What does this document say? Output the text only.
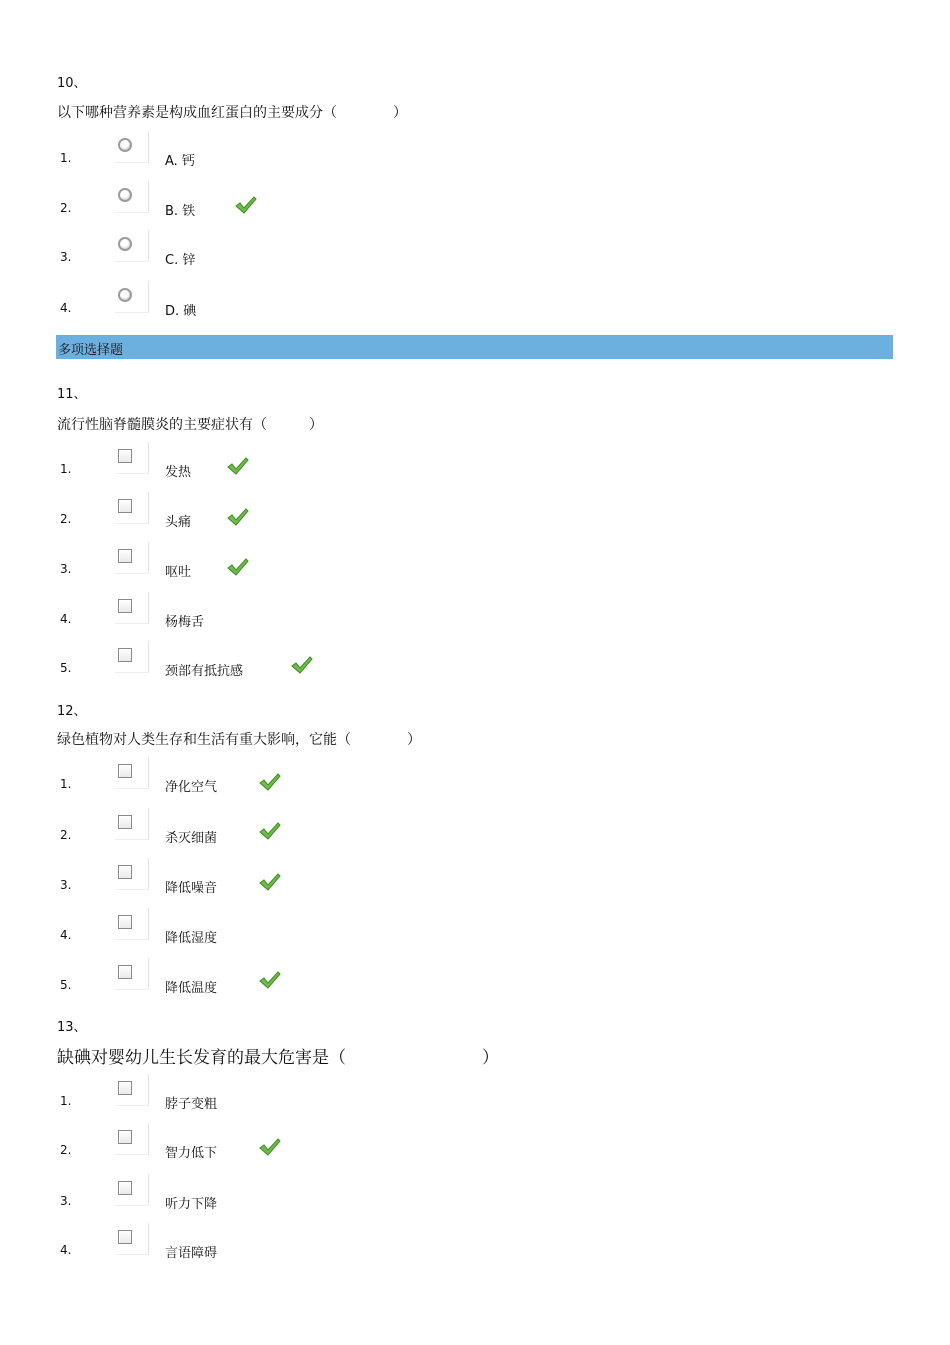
10、
以下哪种营养素是构成血红蛋白的主要成分（　　　　）
1.	A. 钙
2.	B. 铁
3.	C. 锌
4.	D. 碘
多项选择题
11、
流行性脑脊髓膜炎的主要症状有（　　　）
1.	发热
2.	头痛
3.	呕吐
4.	杨梅舌
5.	颈部有抵抗感
12、
绿色植物对人类生存和生活有重大影响，它能（　　　　）
1.	净化空气
2.	杀灭细菌
3.	降低噪音
4.	降低湿度
5.	降低温度
13、
缺碘对婴幼儿生长发育的最大危害是（　　　　　　　　）
1.	脖子变粗
2.	智力低下
3.	听力下降
4.	言语障碍
